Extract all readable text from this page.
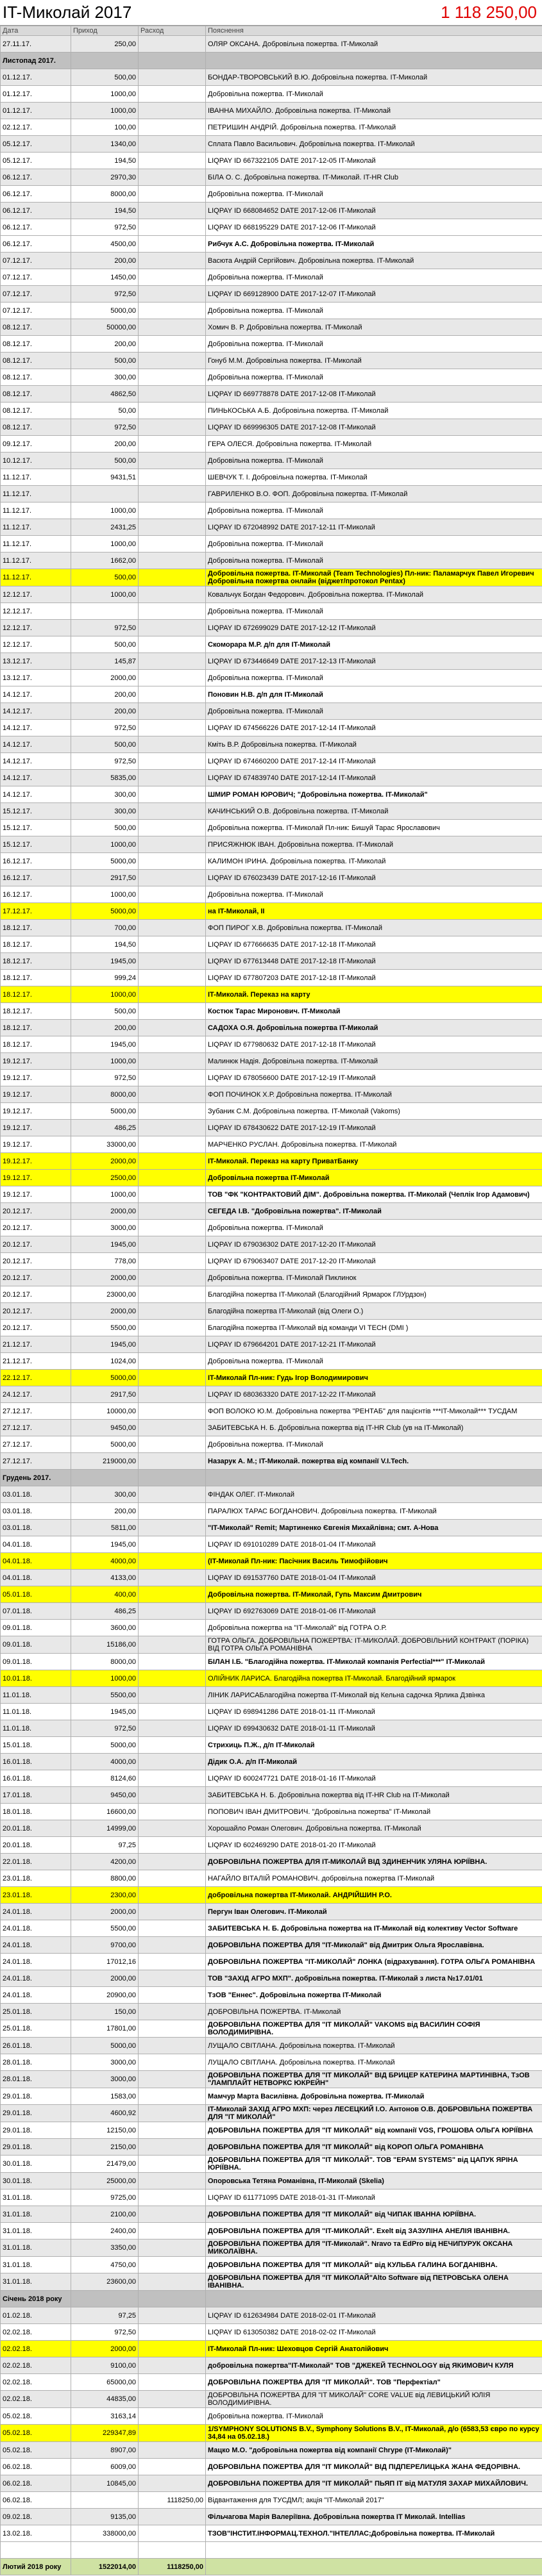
IT-Миколай 2017	1 118 250,00
Дата	Приход	Расход	Пояснення
27.11.17.	250,00		ОЛЯР ОКСАНА. Добровільна пожертва. IT-Миколай
Листопад 2017.			
01.12.17.	500,00		БОНДАР-ТВОРОВСЬКИЙ В.Ю. Добровільна пожертва. IT-Миколай
01.12.17.	1000,00		Добровільна пожертва. IT-Миколай
01.12.17.	1000,00		ІВАННА МИХАЙЛО. Добровільна пожертва. IT-Миколай
02.12.17.	100,00		ПЕТРИШИН АНДРІЙ. Добровільна пожертва. IT-Миколай
05.12.17.	1340,00		Сплата Павло Васильович. Добровільна пожертва. IT-Миколай
05.12.17.	194,50		LIQPAY ID 667322105 DATE 2017-12-05 IT-Миколай
06.12.17.	2970,30		БІЛА О. С. Добровільна пожертва. IT-Миколай. IT-HR Club
06.12.17.	8000,00		Добровільна пожертва. IT-Миколай
06.12.17.	194,50		LIQPAY ID 668084652 DATE 2017-12-06 IT-Миколай
06.12.17.	972,50		LIQPAY ID 668195229 DATE 2017-12-06 IT-Миколай
06.12.17.	4500,00		Рибчук А.С. Добровільна пожертва. IT-Миколай
07.12.17.	200,00		Васюта Андрій Сергійович. Добровільна пожертва. IT-Миколай
07.12.17.	1450,00		Добровільна пожертва. IT-Миколай
07.12.17.	972,50		LIQPAY ID 669128900 DATE 2017-12-07 IT-Миколай
07.12.17.	5000,00		Добровільна пожертва. IT-Миколай
08.12.17.	50000,00		Хомич В. Р. Добровільна пожертва. IT-Миколай
08.12.17.	200,00		Добровільна пожертва. IT-Миколай
08.12.17.	500,00		Гонуб М.М. Добровільна пожертва. IT-Миколай
08.12.17.	300,00		Добровільна пожертва. IT-Миколай
08.12.17.	4862,50		LIQPAY ID 669778878 DATE 2017-12-08 IT-Миколай
08.12.17.	50,00		ПИНЬКОСЬКА А.Б. Добровільна пожертва. IT-Миколай
08.12.17.	972,50		LIQPAY ID 669996305 DATE 2017-12-08 IT-Миколай
09.12.17.	200,00		ГЕРА ОЛЕСЯ. Добровільна пожертва. IT-Миколай
10.12.17.	500,00		Добровільна пожертва. IT-Миколай
11.12.17.	9431,51		ШЕВЧУК Т. І. Добровільна пожертва. IT-Миколай
11.12.17.			ГАВРИЛЕНКО В.О. ФОП. Добровільна пожертва. IT-Миколай
11.12.17.	1000,00		Добровільна пожертва. IT-Миколай
11.12.17.	2431,25		LIQPAY ID 672048992 DATE 2017-12-11 IT-Миколай
11.12.17.	1000,00		Добровільна пожертва. IT-Миколай
11.12.17.	1662,00		Добровільна пожертва. IT-Миколай
11.12.17.	500,00		Добровільна пожертва. IT-Миколай (Team Technologies) Пл-ник: Паламарчук Павел Игоревич Добровільна пожертва онлайн (віджет/протокол Pentax)
12.12.17.	1000,00		Ковальчук Богдан Федорович. Добровільна пожертва. IT-Миколай
12.12.17.			Добровільна пожертва. IT-Миколай
12.12.17.	972,50		LIQPAY ID 672699029 DATE 2017-12-12 IT-Миколай
12.12.17.	500,00		Скоморара М.Р. д/п для IT-Миколай
13.12.17.	145,87		LIQPAY ID 673446649 DATE 2017-12-13 IT-Миколай
13.12.17.	2000,00		Добровільна пожертва. IT-Миколай
14.12.17.	200,00		Поновин Н.В. д/п для IT-Миколай
14.12.17.	200,00		Добровільна пожертва. IT-Миколай
14.12.17.	972,50		LIQPAY ID 674566226 DATE 2017-12-14 IT-Миколай
14.12.17.	500,00		Кміть В.Р. Добровільна пожертва. IT-Миколай
14.12.17.	972,50		LIQPAY ID 674660200 DATE 2017-12-14 IT-Миколай
14.12.17.	5835,00		LIQPAY ID 674839740 DATE 2017-12-14 IT-Миколай
14.12.17.	300,00		ШМИР РОМАН ЮРОВИЧ; "Добровільна пожертва. IT-Миколай"
15.12.17.	300,00		КАЧИНСЬКИЙ О.В. Добровільна пожертва. IT-Миколай
15.12.17.	500,00		Добровільна пожертва. IT-Миколай Пл-ник: Бишуй Тарас Ярославович
15.12.17.	1000,00		ПРИСЯЖНЮК ІВАН. Добровільна пожертва. IT-Миколай
16.12.17.	5000,00		КАЛИМОН ІРИНА. Добровільна пожертва. IT-Миколай
16.12.17.	2917,50		LIQPAY ID 676023439 DATE 2017-12-16 IT-Миколай
16.12.17.	1000,00		Добровільна пожертва. IT-Миколай
17.12.17.	5000,00		на IT-Миколай, ІІ
18.12.17.	700,00		ФОП ПИРОГ Х.В. Добровільна пожертва. IT-Миколай
18.12.17.	194,50		LIQPAY ID 677666635 DATE 2017-12-18 IT-Миколай
18.12.17.	1945,00		LIQPAY ID 677613448 DATE 2017-12-18 IT-Миколай
18.12.17.	999,24		LIQPAY ID 677807203 DATE 2017-12-18 IT-Миколай
18.12.17.	1000,00		IT-Миколай. Переказ на карту
18.12.17.	500,00		Костюк Тарас Миронович. IT-Миколай
18.12.17.	200,00		САДОХА О.Я. Добровільна пожертва IT-Миколай
18.12.17.	1945,00		LIQPAY ID 677980632 DATE 2017-12-18 IT-Миколай
19.12.17.	1000,00		Малинюк Надія. Добровільна пожертва. IT-Миколай
19.12.17.	972,50		LIQPAY ID 678056600 DATE 2017-12-19 IT-Миколай
19.12.17.	8000,00		ФОП ПОЧИНОК Х.Р. Добровільна пожертва. IT-Миколай
19.12.17.	5000,00		Зубаник С.М. Добровільна пожертва. IT-Миколай (Vakoms)
19.12.17.	486,25		LIQPAY ID 678430622 DATE 2017-12-19 IT-Миколай
19.12.17.	33000,00		МАРЧЕНКО РУСЛАН. Добровільна пожертва. IT-Миколай
19.12.17.	2000,00		IT-Миколай. Переказ на карту ПриватБанку
19.12.17.	2500,00		Добровільна пожертва IT-Миколай
19.12.17.	1000,00		ТОВ "ФК "КОНТРАКТОВИЙ ДІМ". Добровільна пожертва. IT-Миколай (Чеплік Ігор Адамович)
20.12.17.	2000,00		СЕГЕДА І.В. "Добровільна пожертва". IT-Миколай
20.12.17.	3000,00		Добровільна пожертва. IT-Миколай
20.12.17.	1945,00		LIQPAY ID 679036302 DATE 2017-12-20 IT-Миколай
20.12.17.	778,00		LIQPAY ID 679063407 DATE 2017-12-20 IT-Миколай
20.12.17.	2000,00		Добровільна пожертва. IT-Миколай Пиклинок
20.12.17.	23000,00		Благодійна пожертва IT-Миколай (Благодійний Ярмарок ГЛУрдзон)
20.12.17.	2000,00		Благодійна пожертва IT-Миколай (від Олеги О.)
20.12.17.	5500,00		Благодійна пожертва IT-Миколай від команди VI TECH (DMI )
21.12.17.	1945,00		LIQPAY ID 679664201 DATE 2017-12-21 IT-Миколай
21.12.17.	1024,00		Добровільна пожертва. IT-Миколай
22.12.17.	5000,00		IT-Миколай Пл-ник: Гудь Ігор Володимирович
24.12.17.	2917,50		LIQPAY ID 680363320 DATE 2017-12-22 IT-Миколай
27.12.17.	10000,00		ФОП ВОЛОКО Ю.М. Добровільна пожертва "РЕНТАБ" для пацієнтів ***IT-Миколай*** ТУСДАМ
27.12.17.	9450,00		ЗАБИТЕВСЬКА Н. Б. Добровільна пожертва від IT-HR Club (ув на IT-Миколай)
27.12.17.	5000,00		Добровільна пожертва. IT-Миколай
27.12.17.	219000,00		Назарук А. М.; IT-Миколай. пожертва від компанії V.I.Tech.
Грудень 2017.			
03.01.18.	300,00		ФІНДАК ОЛЕГ. IT-Миколай
03.01.18.	200,00		ПАРАЛЮХ ТАРАС БОГДАНОВИЧ. Добровільна пожертва. IT-Миколай
03.01.18.	5811,00		"IT-Миколай" Remit; Мартиненко Євгенія Михайлівна; смт. А-Нова
04.01.18.	1945,00		LIQPAY ID 691010289 DATE 2018-01-04 IT-Миколай
04.01.18.	4000,00		(IT-Миколай Пл-ник: Пасічник Василь Тимофійович
04.01.18.	4133,00		LIQPAY ID 691537760 DATE 2018-01-04 IT-Миколай
05.01.18.	400,00		Добровільна пожертва. IT-Миколай, Гупь Максим Дмитрович
07.01.18.	486,25		LIQPAY ID 692763069 DATE 2018-01-06 IT-Миколай
09.01.18.	3600,00		Добровільна пожертва на "ІТ-Миколай" від ГОТРА О.Р.
09.01.18.	15186,00		ГОТРА ОЛЬГА. ДОБРОВІЛЬНА ПОЖЕРТВА: IT-МИКОЛАЙ. ДОБРОВІЛЬНИЙ КОНТРАКТ (ПОРІКА) ВІД ГОТРА ОЛЬГА РОМАНІВНА
09.01.18.	8000,00		БІЛАН І.Б. "Благодійна пожертва. IT-Миколай компанія Perfectial***" IT-Миколай
10.01.18.	1000,00		ОЛІЙНИК ЛАРИСА. Благодійна пожертва IT-Миколай. Благодійний ярмарок
11.01.18.	5500,00		ЛІНИК ЛАРИСАБлагодійна пожертва IT-Миколай від Кельна садочка Ярлика Дзвінка
11.01.18.	1945,00		LIQPAY ID 698941286 DATE 2018-01-11 IT-Миколай
11.01.18.	972,50		LIQPAY ID 699430632 DATE 2018-01-11 IT-Миколай
15.01.18.	5000,00		Стрихиць П.Ж., д/п IT-Миколай
16.01.18.	4000,00		Дідик О.А. д/п IT-Миколай
16.01.18.	8124,60		LIQPAY ID 600247721 DATE 2018-01-16 IT-Миколай
17.01.18.	9450,00		ЗАБИТЕВСЬКА Н. Б. Добровільна пожертва від IT-HR Club на IT-Миколай
18.01.18.	16600,00		ПОПОВИЧ ІВАН ДМИТРОВИЧ. "Добровільна пожертва" IT-Миколай
20.01.18.	14999,00		Хорошайло Роман Олегович. Добровільна пожертва. IT-Миколай
20.01.18.	97,25		LIQPAY ID 602469290 DATE 2018-01-20 IT-Миколай
22.01.18.	4200,00		ДОБРОВІЛЬНА ПОЖЕРТВА ДЛЯ IT-МИКОЛАЙ ВІД ЗДИНЕНЧИК УЛЯНА ЮРІЇВНА.
23.01.18.	8800,00		НАГАЙЛО ВІТАЛІЙ РОМАНОВИЧ. добровільна пожертва IT-Миколай
23.01.18.	2300,00		добровільна пожертва IT-Миколай. АНДРІЙШИН Р.О.
24.01.18.	2000,00		Пергун Іван Олегович. IT-Миколай
24.01.18.	5500,00		ЗАБИТЕВСЬКА Н. Б. Добровільна пожертва на IT-Миколай від колективу Vector Software
24.01.18.	9700,00		ДОБРОВІЛЬНА ПОЖЕРТВА ДЛЯ "IT-Миколай" від Дмитрик Ольга Ярославівна.
24.01.18.	17012,16		ДОБРОВІЛЬНА ПОЖЕРТВА "IT-МИКОЛАЙ" ЛОНКА (відрахування). ГОТРА ОЛЬГА РОМАНІВНА
24.01.18.	2000,00		ТОВ "ЗАХІД АГРО МХП". добровільна пожертва. IT-Миколай з листа №17.01/01
24.01.18.	20900,00		ТзОВ "Еннес". Добровільна пожертва IT-Миколай
25.01.18.	150,00		ДОБРОВІЛЬНА ПОЖЕРТВА. IT-Миколай
25.01.18.	17801,00		ДОБРОВІЛЬНА ПОЖЕРТВА ДЛЯ "IT МИКОЛАЙ" VAKOMS від ВАСИЛИН СОФІЯ ВОЛОДИМИРІВНА.
26.01.18.	5000,00		ЛУЩАЛО СВІТЛАНА. Добровільна пожертва. IT-Миколай
28.01.18.	3000,00		ЛУЩАЛО СВІТЛАНА. Добровільна пожертва. IT-Миколай
28.01.18.	3000,00		ДОБРОВІЛЬНА ПОЖЕРТВА ДЛЯ "IT МИКОЛАЙ" ВІД БРИЦЕР КАТЕРИНА МАРТИНІВНА, ТзОВ "ЛАМПЛАЙТ НЕТВОРКС ЮКРЕЙН"
29.01.18.	1583,00		Мамчур Марта Василівна. Добровільна пожертва. IT-Миколай
29.01.18.	4600,92		IT-Миколай ЗАХІД АГРО МХП: через ЛЕСЕЦКИЙ І.О. Антонов О.В. ДОБРОВІЛЬНА ПОЖЕРТВА ДЛЯ "IT МИКОЛАЙ"
29.01.18.	12150,00		ДОБРОВІЛЬНА ПОЖЕРТВА ДЛЯ "IT МИКОЛАЙ" від компанії VGS, ГРОШОВА ОЛЬГА ЮРІЇВНА
29.01.18.	2150,00		ДОБРОВІЛЬНА ПОЖЕРТВА ДЛЯ "IT МИКОЛАЙ" від КОРОП ОЛЬГА РОМАНІВНА
30.01.18.	21479,00		ДОБРОВІЛЬНА ПОЖЕРТВА ДЛЯ "IT МИКОЛАЙ". ТОВ "EPAM SYSTEMS" від ЦАПУК ЯРІНА ЮРІЇВНА.
30.01.18.	25000,00		Опоровська Тетяна Романівна, IT-Миколай (Skelia)
31.01.18.	9725,00		LIQPAY ID 611771095 DATE 2018-01-31 IT-Миколай
31.01.18.	2100,00		ДОБРОВІЛЬНА ПОЖЕРТВА ДЛЯ "IT МИКОЛАЙ" від ЧИПАК ІВАННА ЮРІЇВНА.
31.01.18.	2400,00		ДОБРОВІЛЬНА ПОЖЕРТВА ДЛЯ "IT-МИКОЛАЙ". Exelt від ЗАЗУЛІНА АНЕЛІЯ ІВАНІВНА.
31.01.18.	3350,00		ДОБРОВІЛЬНА ПОЖЕРТВА ДЛЯ "IT-Миколай". Nravo та EdPro від НЕЧИПУРУК ОКСАНА МИКОЛАЇВНА.
31.01.18.	4750,00		ДОБРОВІЛЬНА ПОЖЕРТВА ДЛЯ "IT МИКОЛАЙ" від КУЛЬБА ГАЛИНА БОГДАНІВНА.
31.01.18.	23600,00		ДОБРОВІЛЬНА ПОЖЕРТВА ДЛЯ "IT МИКОЛАЙ"Alto Software від ПЕТРОВСЬКА ОЛЕНА ІВАНІВНА.
Січень 2018 року			
01.02.18.	97,25		LIQPAY ID 612634984 DATE 2018-02-01 IT-Миколай
02.02.18.	972,50		LIQPAY ID 613050382 DATE 2018-02-02 IT-Миколай
02.02.18.	2000,00		IT-Миколай Пл-ник: Шеховцов Сергій Анатолійович
02.02.18.	9100,00		добровільна пожертва"IT-Миколай" ТОВ "ДЖЕКЕЙ TECHNOLOGY від ЯКИМОВИЧ КУЛЯ
02.02.18.	65000,00		ДОБРОВІЛЬНА ПОЖЕРТВА ДЛЯ "IT МИКОЛАЙ". ТОВ "Перфектіал"
02.02.18.	44835,00		ДОБРОВІЛЬНА ПОЖЕРТВА ДЛЯ "IT МИКОЛАЙ" CORE VALUE від ЛЕВИЦЬКИЙ ЮЛІЯ ВОЛОДИМИРІВНА.
05.02.18.	3163,14		Добровільна пожертва. IT-Миколай
05.02.18.	229347,89		1/SYMPHONY SOLUTIONS B.V., Symphony Solutions B.V., IT-Миколай, д/о (6583,53 євро по курсу 34,84 на 05.02.18.)
05.02.18.	8907,00		Мацко М.О. "добровільна пожертва від компанії Chrype (IT-Миколай)"
06.02.18.	6009,00		ДОБРОВІЛЬНА ПОЖЕРТВА ДЛЯ "IT МИКОЛАЙ" ВІД ПІДПЕРЕЛИЦЬКА ЖАНА ФЕДОРІВНА.
06.02.18.	10845,00		ДОБРОВІЛЬНА ПОЖЕРТВА ДЛЯ "IT МИКОЛАЙ" ПЬЯП ІТ від МАТУЛЯ ЗАХАР МИХАЙЛОВИЧ.
06.02.18.		1118250,00	Відвантаження для ТУСДМЛ; акція "IT-Миколай 2017"
09.02.18.	9135,00		Фільчагова Марія Валеріївна. Добровільна пожертва IT Миколай. Intellias
13.02.18.	338000,00		ТЗОВ"ІНСТИТ.ІНФОРМАЦ.ТЕХНОЛ."ІНТЕЛЛАС;Добровільна пожертва. IT-Миколай

Лютий 2018 року	1522014,00	1118250,00	
